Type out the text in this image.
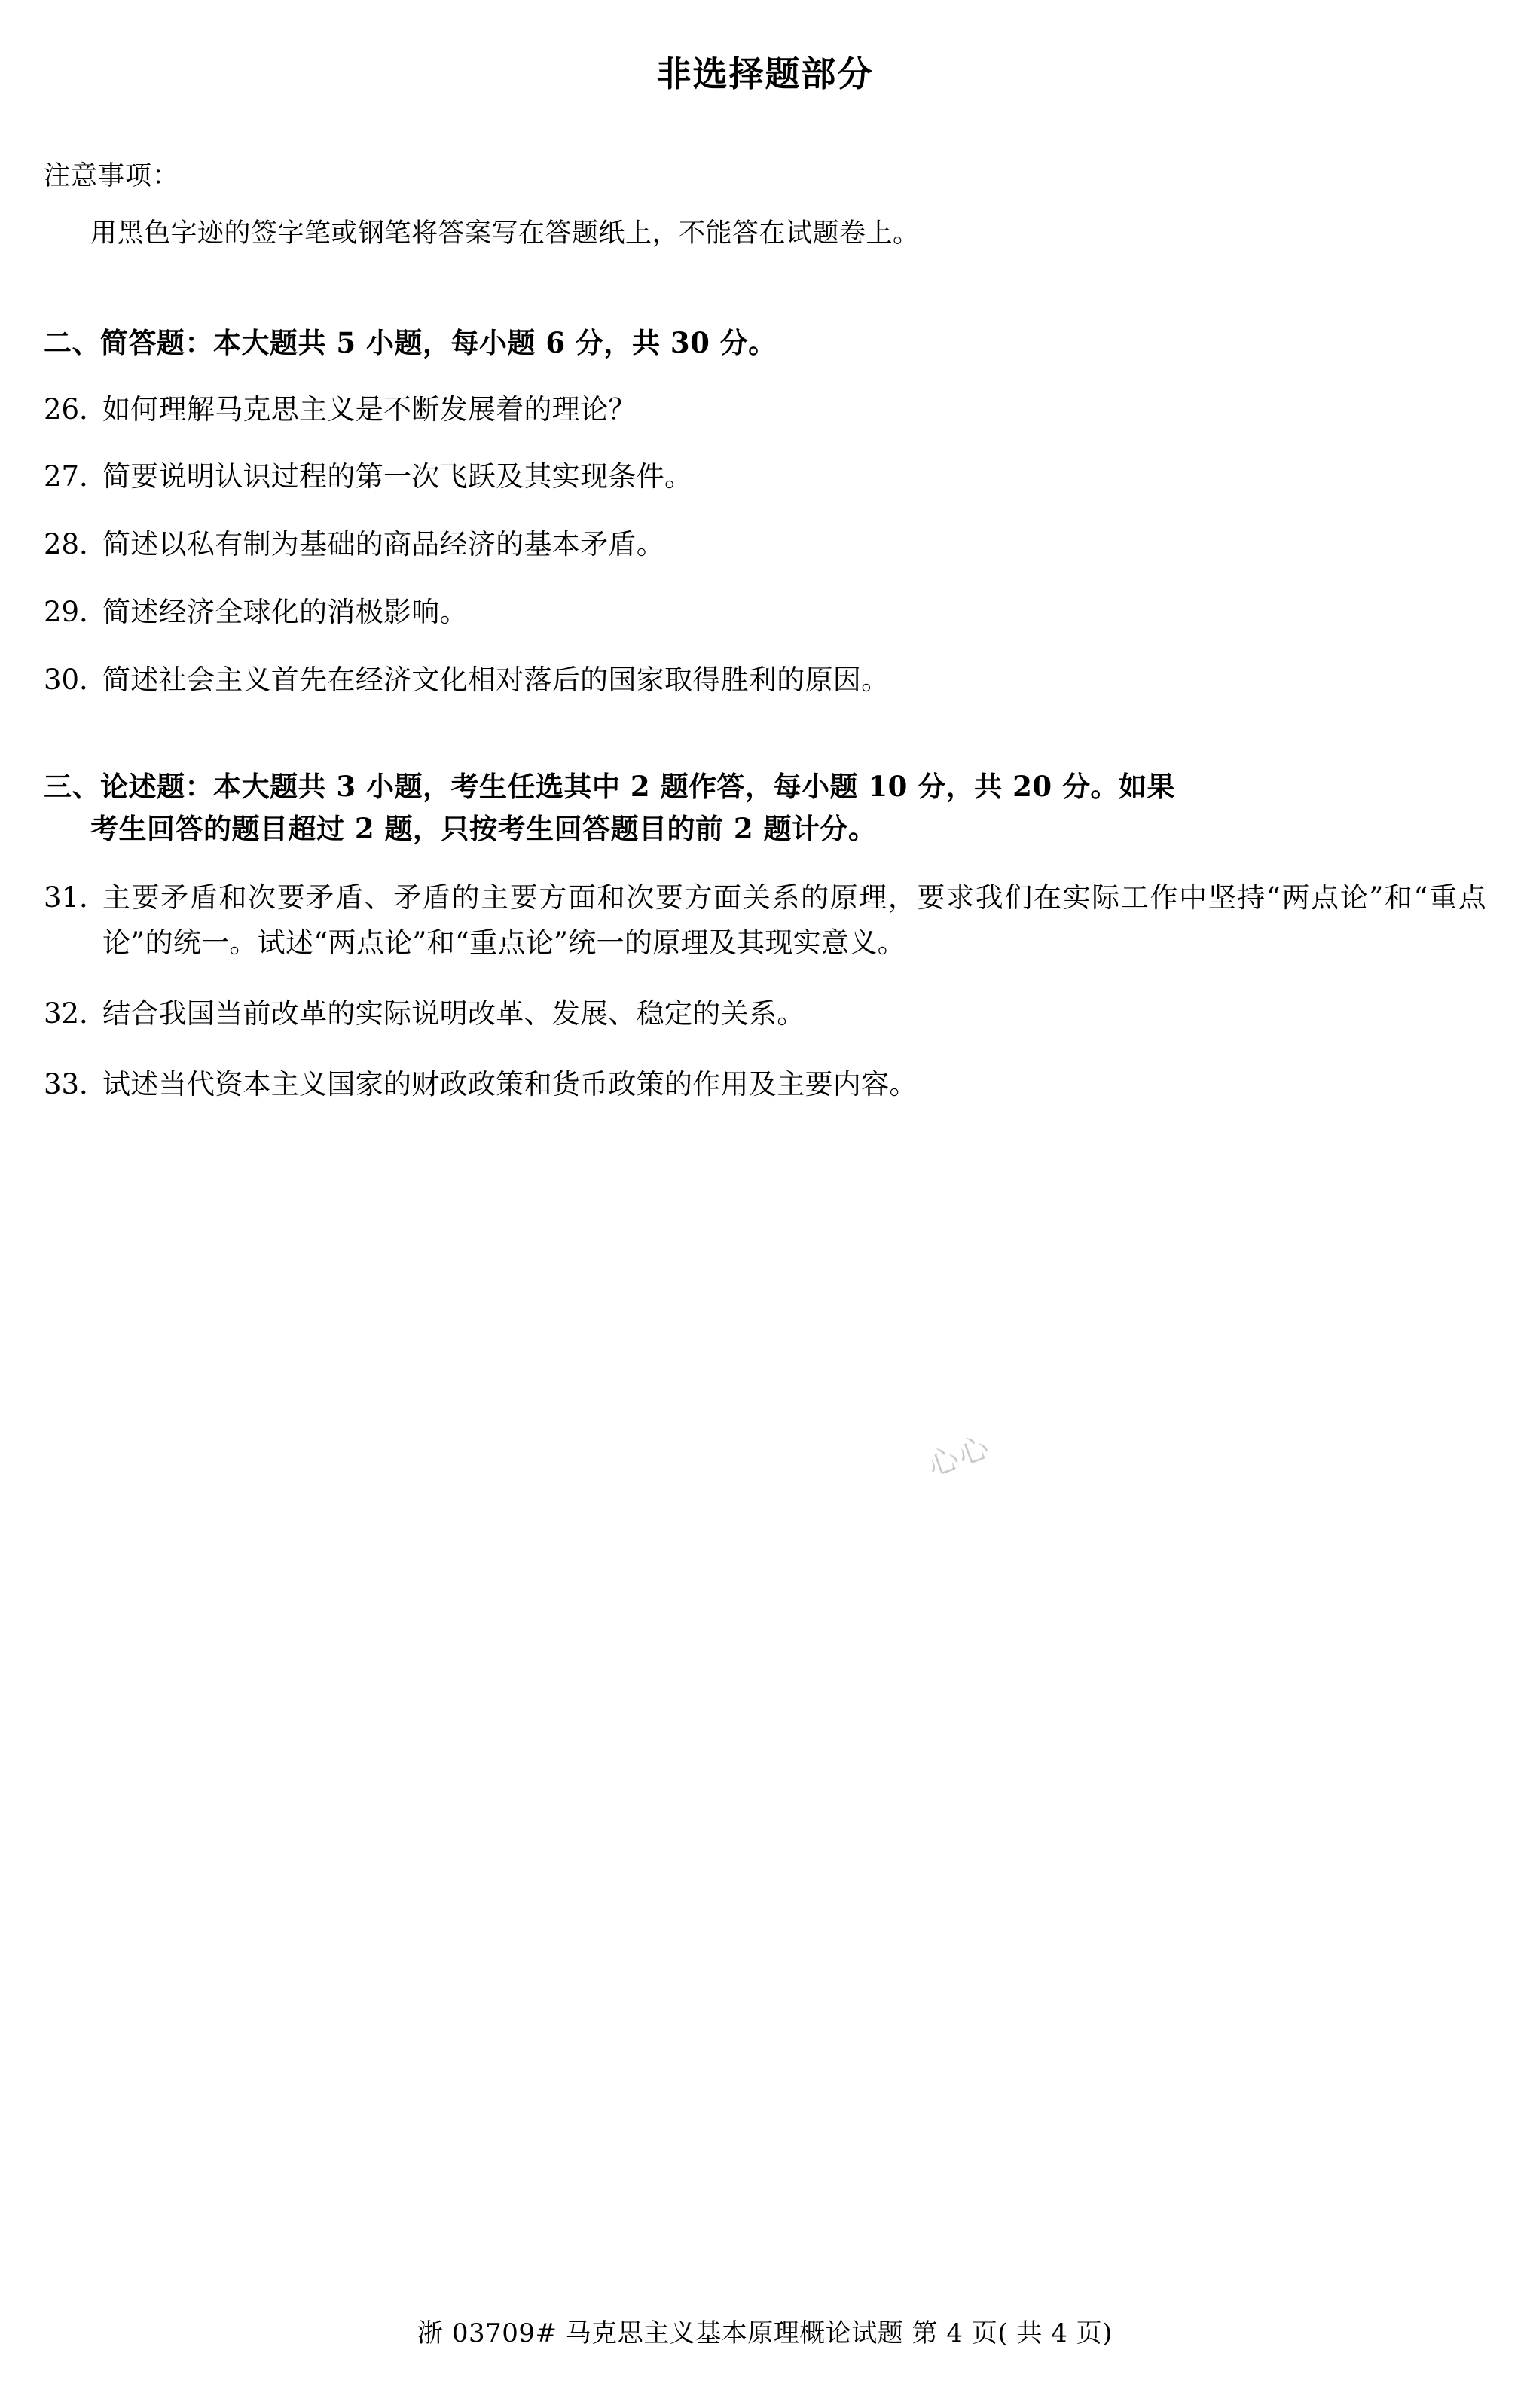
非选择题部分
注意事项：
用黑色字迹的签字笔或钢笔将答案写在答题纸上，不能答在试题卷上。
二、简答题：本大题共 5 小题，每小题 6 分，共 30 分。
26．
如何理解马克思主义是不断发展着的理论？
27．
简要说明认识过程的第一次飞跃及其实现条件。
28．
简述以私有制为基础的商品经济的基本矛盾。
29．
简述经济全球化的消极影响。
30．
简述社会主义首先在经济文化相对落后的国家取得胜利的原因。
三、论述题：本大题共 3 小题，考生任选其中 2 题作答，每小题 10 分，共 20 分。如果
考生回答的题目超过 2 题，只按考生回答题目的前 2 题计分。
31．
主要矛盾和次要矛盾、矛盾的主要方面和次要方面关系的原理，要求我们在实际工作中坚持“两点论”和“重点论”的统一。试述“两点论”和“重点论”统一的原理及其现实意义。
32．
结合我国当前改革的实际说明改革、发展、稳定的关系。
33．
试述当代资本主义国家的财政政策和货币政策的作用及主要内容。
心心
浙 03709# 马克思主义基本原理概论试题 第 4 页( 共 4 页)
